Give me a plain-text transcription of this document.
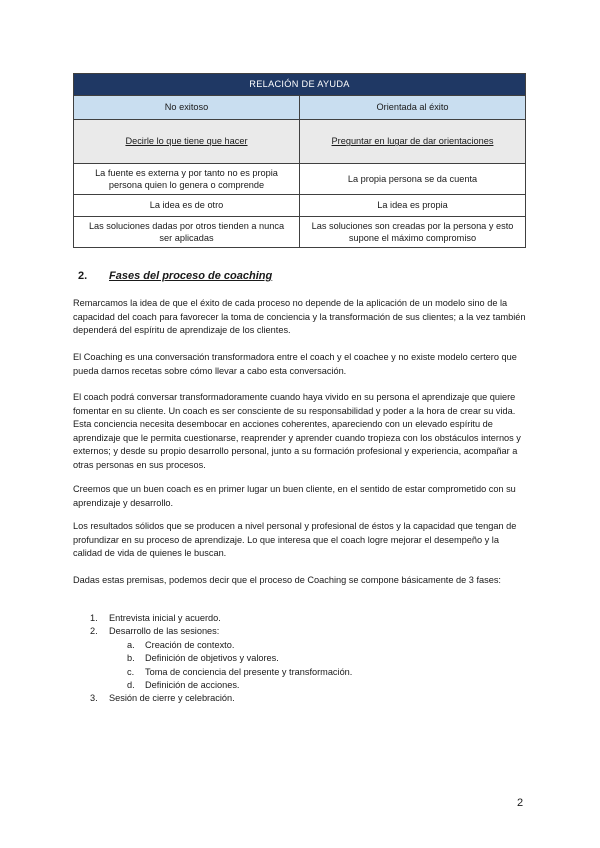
RELACIÓN DE AYUDA	
No exitoso	Orientada al éxito
Decirle lo que tiene que hacer	Preguntar en lugar de dar orientaciones
La fuente es externa y por tanto no es propia persona quien lo genera o comprende	La propia persona se da cuenta
La idea es de otro	La idea es propia
Las soluciones dadas por otros tienden a nunca ser aplicadas	Las soluciones son creadas por la persona y esto supone el máximo compromiso
2. Fases del proceso de coaching

Remarcamos la idea de que el éxito de cada proceso no depende de la aplicación de un modelo sino de la capacidad del coach para favorecer la toma de conciencia y la transformación de sus clientes; a la vez también dependerá del espíritu de aprendizaje de los clientes.

El Coaching es una conversación transformadora entre el coach y el coachee y no existe modelo certero que pueda darnos recetas sobre cómo llevar a cabo esta conversación.

El coach podrá conversar transformadoramente cuando haya vivido en su persona el aprendizaje que quiere fomentar en su cliente. Un coach es ser consciente de su responsabilidad y poder a la hora de crear su vida. Esta conciencia necesita desembocar en acciones coherentes, apareciendo con un elevado espíritu de aprendizaje que le permita cuestionarse, reaprender y aprender cuando tropieza con los obstáculos internos y externos; y desde su propio desarrollo personal, junto a su formación profesional y experiencia, acompañar a otras personas en sus procesos.

Creemos que un buen coach es en primer lugar un buen cliente, en el sentido de estar comprometido con su aprendizaje y desarrollo.

Los resultados sólidos que se producen a nivel personal y profesional de éstos y la capacidad que tengan de profundizar en su proceso de aprendizaje. Lo que interesa que el coach logre mejorar el desempeño y la calidad de vida de quienes le buscan.

Dadas estas premisas, podemos decir que el proceso de Coaching se compone básicamente de 3 fases:

1. Entrevista inicial y acuerdo.
2. Desarrollo de las sesiones:
a. Creación de contexto.
b. Definición de objetivos y valores.
c. Toma de conciencia del presente y transformación.
d. Definición de acciones.
3. Sesión de cierre y celebración.
2
